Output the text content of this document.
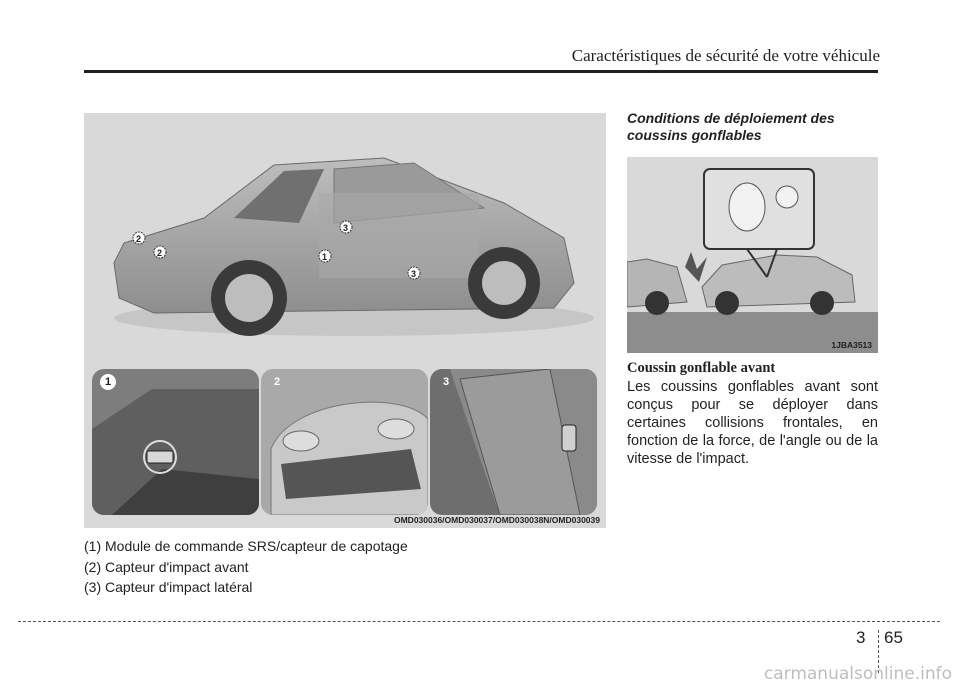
Caractéristiques de sécurité de votre véhicule
1
2
2
3
3
1	2	3
OMD030036/OMD030037/OMD030038N/OMD030039
(1) Module de commande SRS/capteur de capotage
(2) Capteur d'impact avant
(3) Capteur d'impact latéral
Conditions de déploiement des coussins gonflables
1JBA3513
Coussin gonflable avant
Les coussins gonflables avant sont conçus pour se déployer dans certaines collisions frontales, en fonction de la force, de l'angle ou de la vitesse de l'impact.
3 65
carmanualsonline.info
